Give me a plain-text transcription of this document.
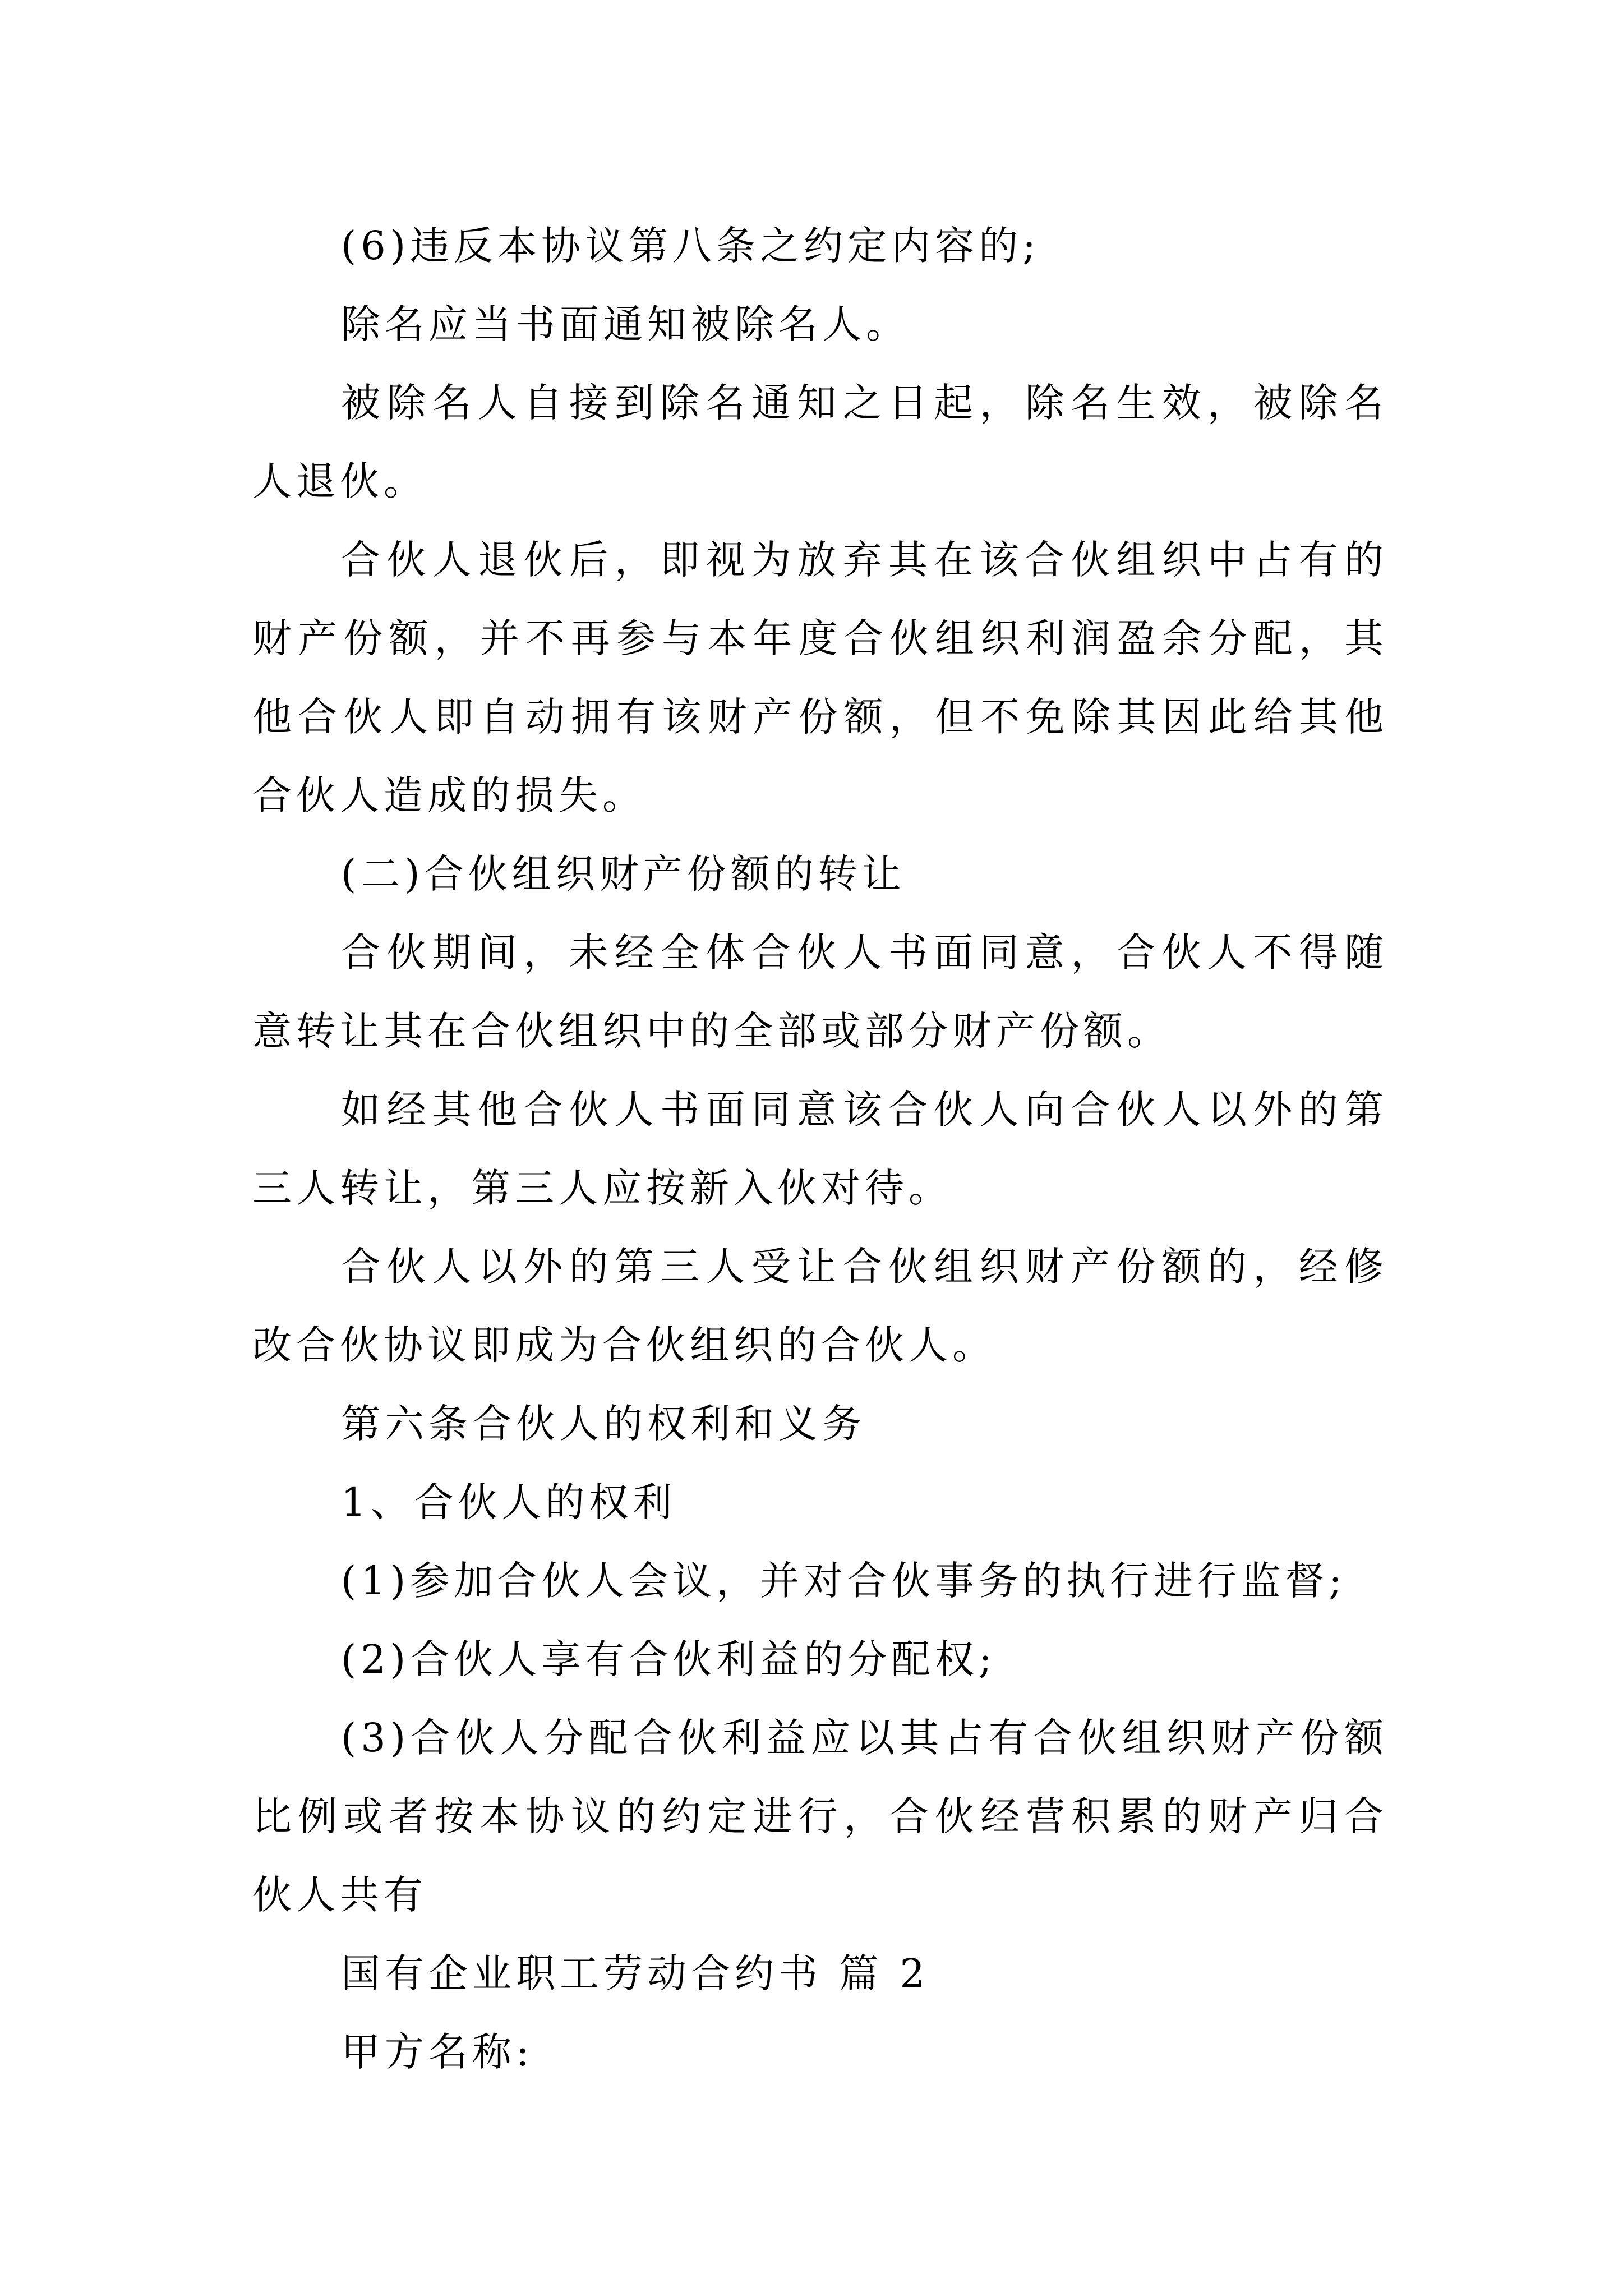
(6)违反本协议第八条之约定内容的;

除名应当书面通知被除名人。

被除名人自接到除名通知之日起，除名生效，被除名人退伙。

合伙人退伙后，即视为放弃其在该合伙组织中占有的财产份额，并不再参与本年度合伙组织利润盈余分配，其他合伙人即自动拥有该财产份额，但不免除其因此给其他合伙人造成的损失。

(二)合伙组织财产份额的转让

合伙期间，未经全体合伙人书面同意，合伙人不得随意转让其在合伙组织中的全部或部分财产份额。

如经其他合伙人书面同意该合伙人向合伙人以外的第三人转让，第三人应按新入伙对待。

合伙人以外的第三人受让合伙组织财产份额的，经修改合伙协议即成为合伙组织的合伙人。

第六条合伙人的权利和义务

1、合伙人的权利

(1)参加合伙人会议，并对合伙事务的执行进行监督;

(2)合伙人享有合伙利益的分配权;

(3)合伙人分配合伙利益应以其占有合伙组织财产份额比例或者按本协议的约定进行，合伙经营积累的财产归合伙人共有

国有企业职工劳动合约书 篇 2

甲方名称:
